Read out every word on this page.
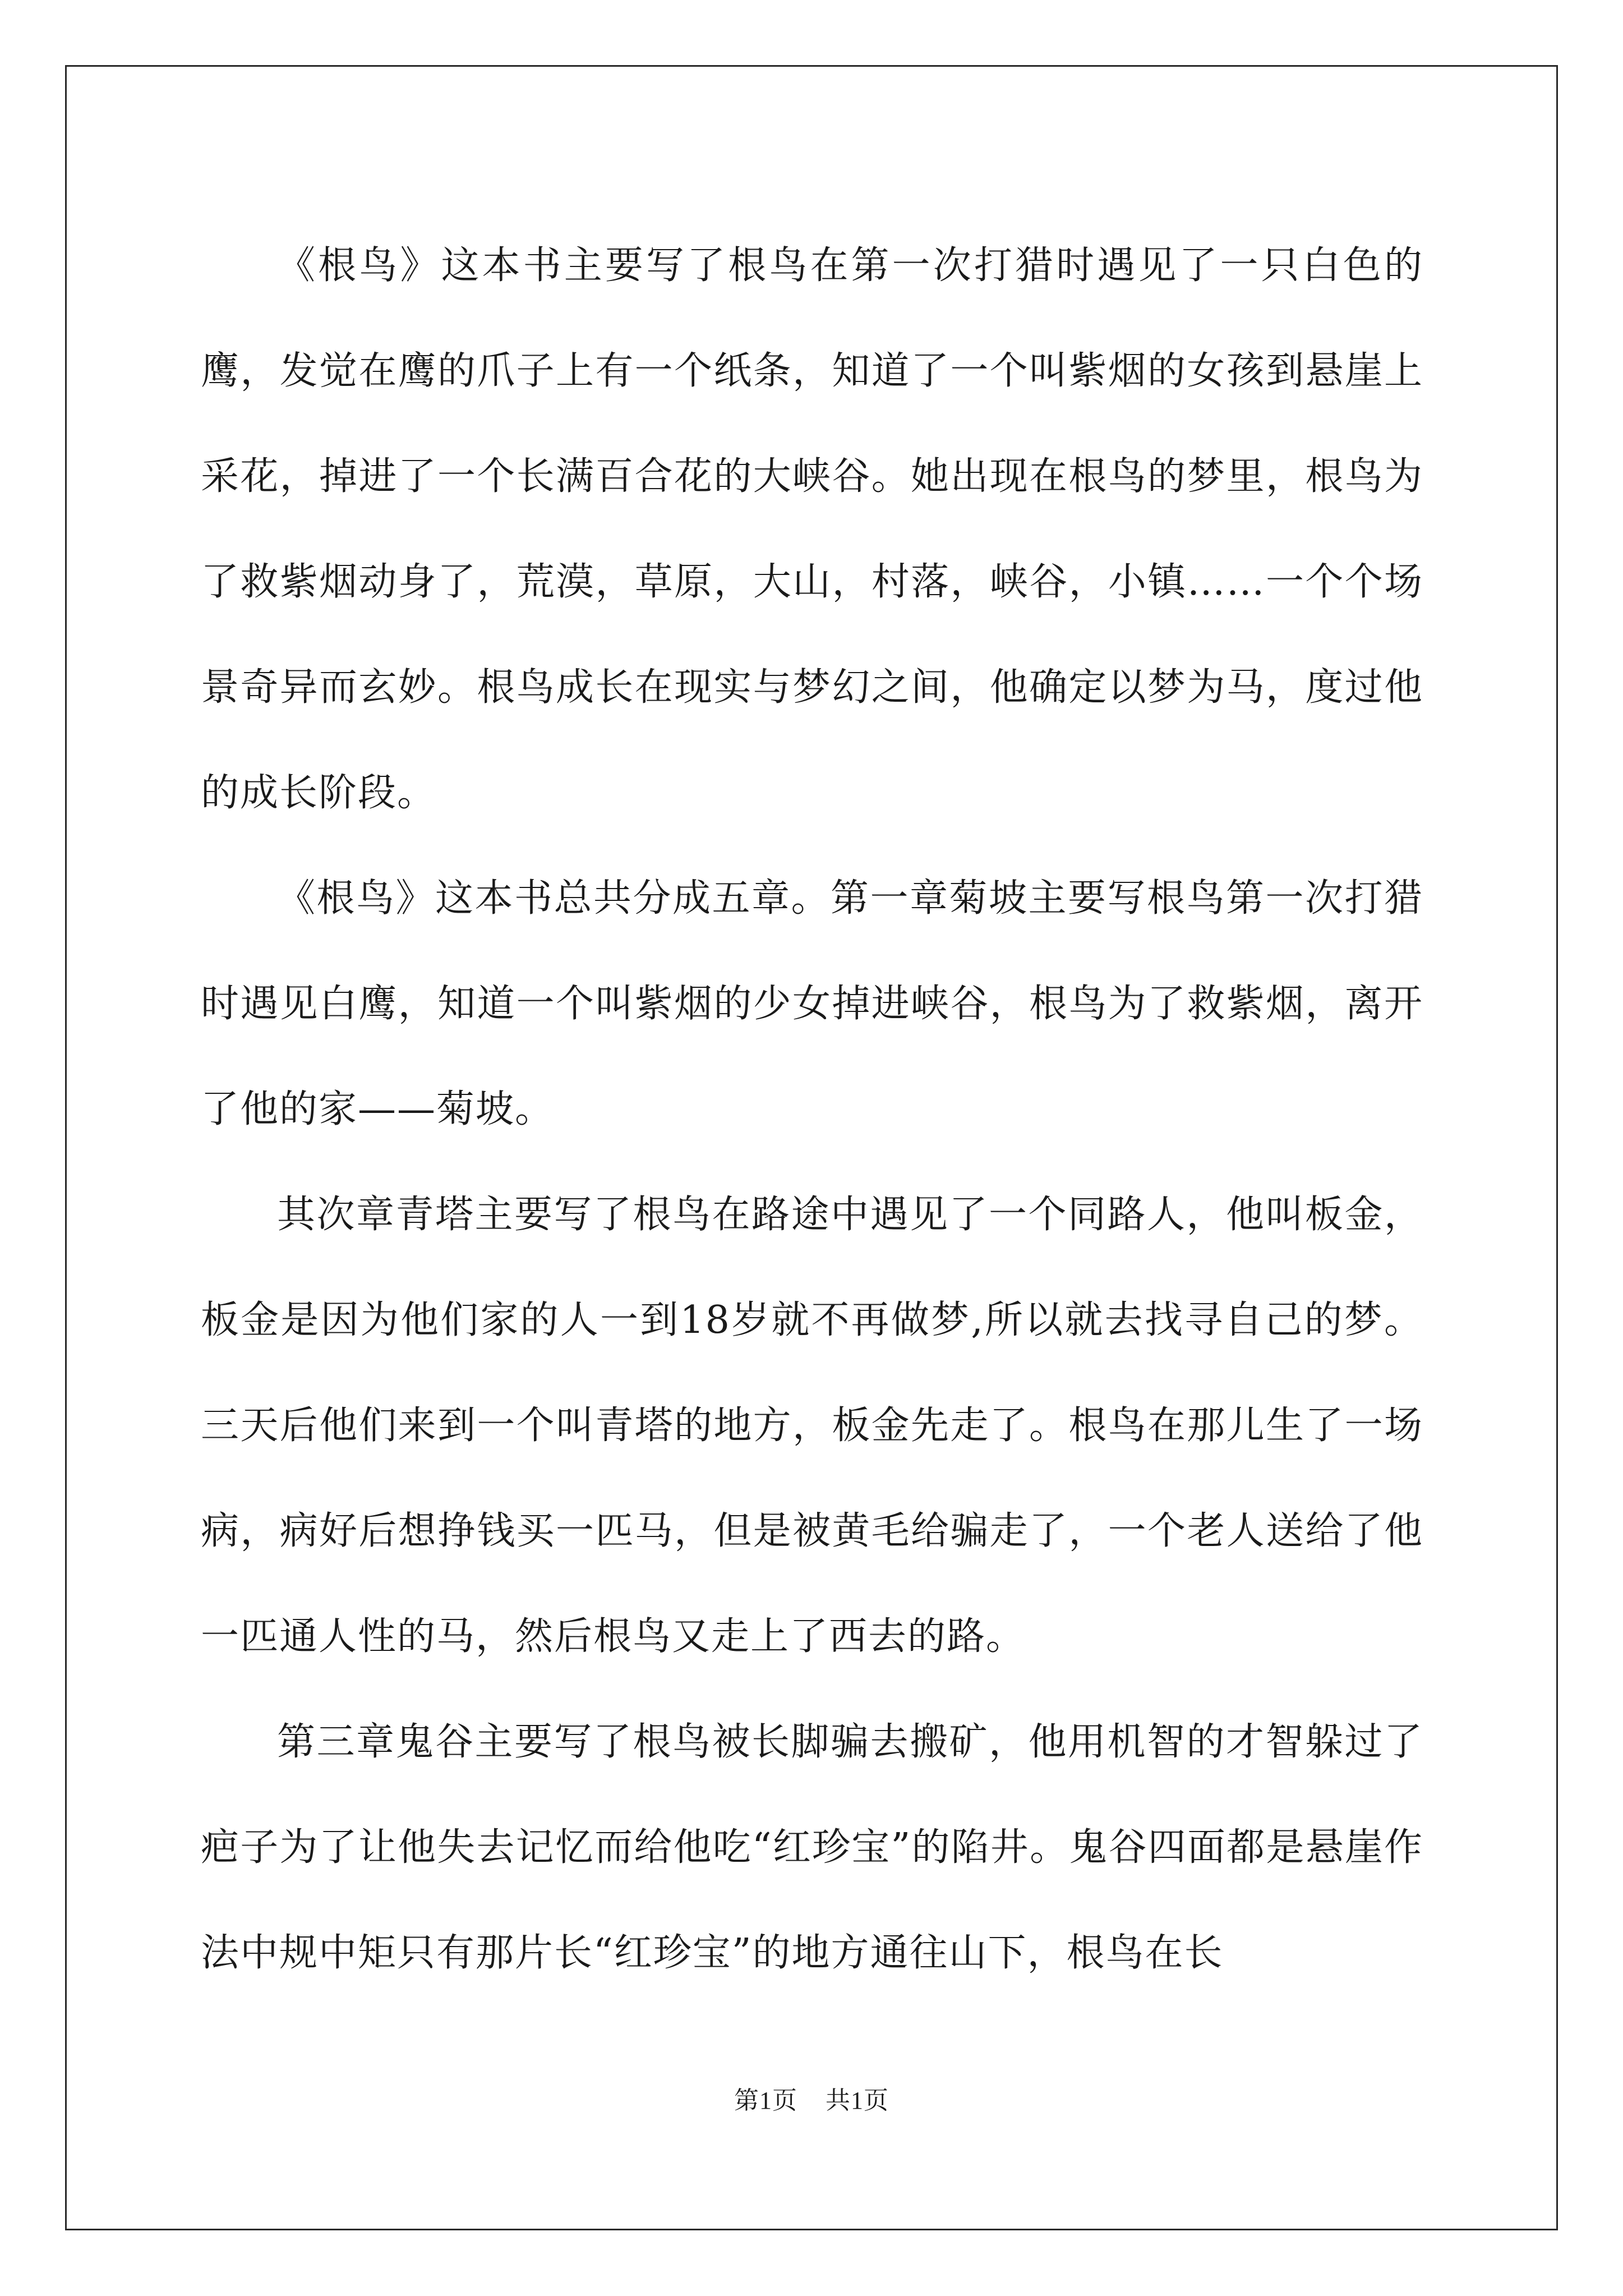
《根鸟》这本书主要写了根鸟在第一次打猎时遇见了一只白色的鹰，发觉在鹰的爪子上有一个纸条，知道了一个叫紫烟的女孩到悬崖上采花，掉进了一个长满百合花的大峡谷。她出现在根鸟的梦里，根鸟为了救紫烟动身了，荒漠，草原，大山，村落，峡谷，小镇……一个个场景奇异而玄妙。根鸟成长在现实与梦幻之间，他确定以梦为马，度过他的成长阶段。

《根鸟》这本书总共分成五章。第一章菊坡主要写根鸟第一次打猎时遇见白鹰，知道一个叫紫烟的少女掉进峡谷，根鸟为了救紫烟，离开了他的家——菊坡。

其次章青塔主要写了根鸟在路途中遇见了一个同路人，他叫板金，板金是因为他们家的人一到18岁就不再做梦,所以就去找寻自己的梦。三天后他们来到一个叫青塔的地方，板金先走了。根鸟在那儿生了一场病，病好后想挣钱买一匹马，但是被黄毛给骗走了，一个老人送给了他一匹通人性的马，然后根鸟又走上了西去的路。

第三章鬼谷主要写了根鸟被长脚骗去搬矿，他用机智的才智躲过了疤子为了让他失去记忆而给他吃“红珍宝”的陷井。鬼谷四面都是悬崖作法中规中矩只有那片长“红珍宝”的地方通往山下，根鸟在长

第1页 共1页
